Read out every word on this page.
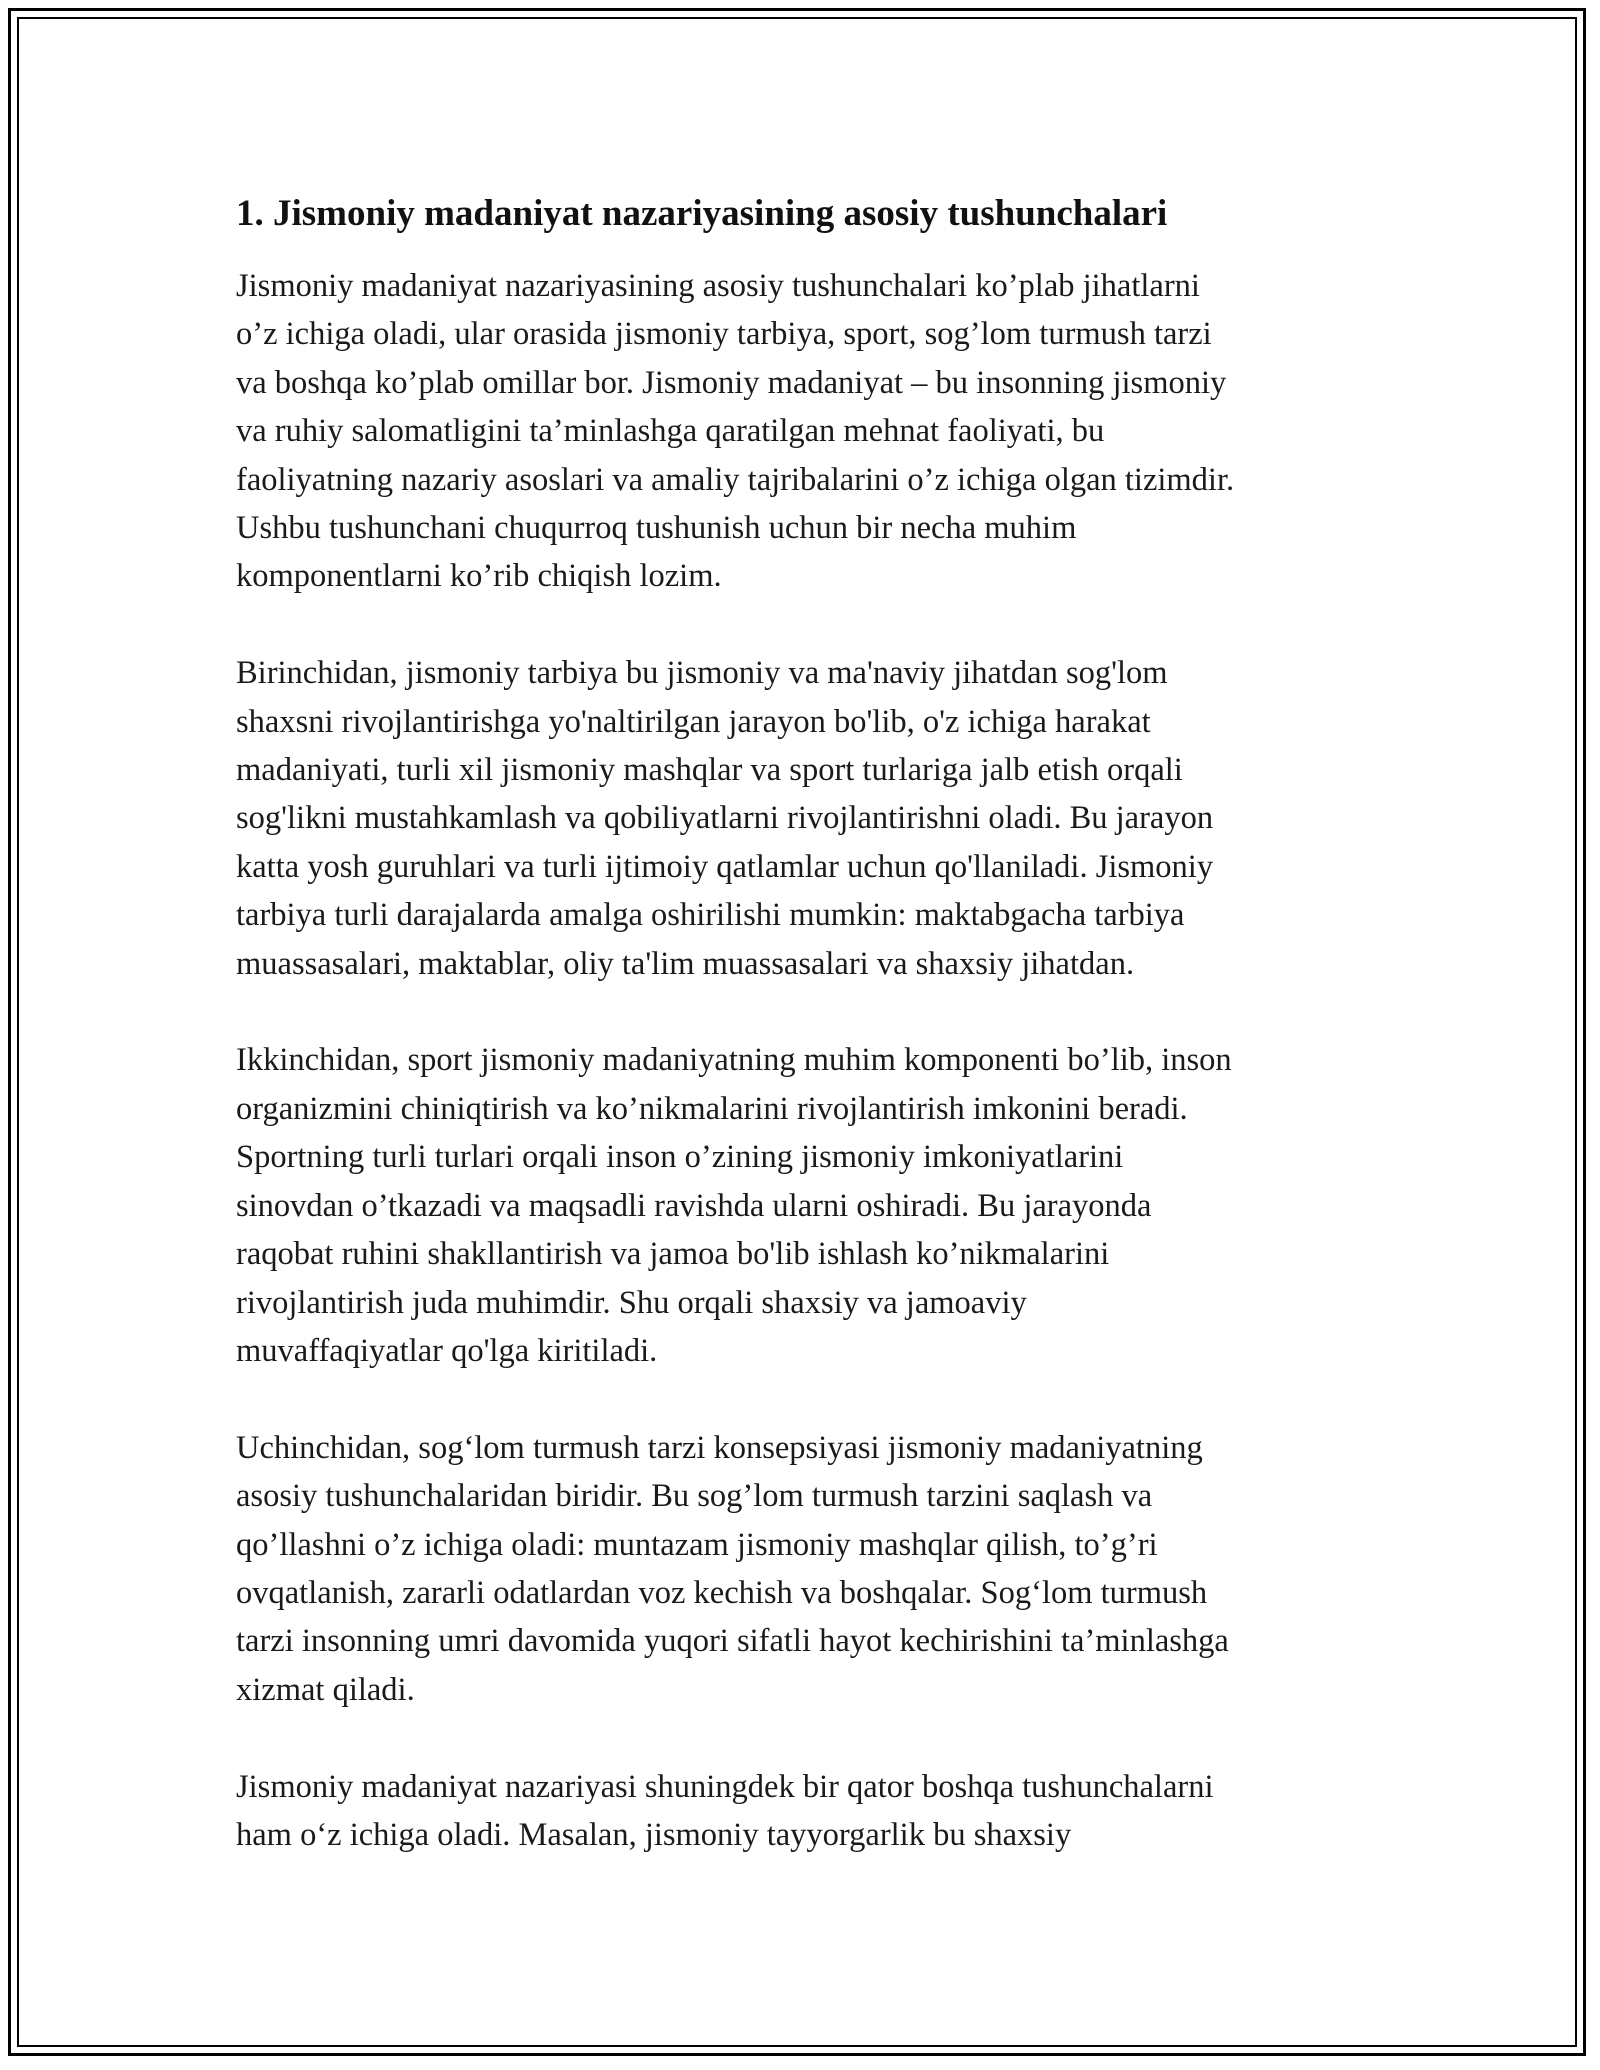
1. Jismoniy madaniyat nazariyasining asosiy tushunchalari

Jismoniy madaniyat nazariyasining asosiy tushunchalari ko’plab jihatlarni
o’z ichiga oladi, ular orasida jismoniy tarbiya, sport, sog’lom turmush tarzi
va boshqa ko’plab omillar bor. Jismoniy madaniyat – bu insonning jismoniy
va ruhiy salomatligini ta’minlashga qaratilgan mehnat faoliyati, bu
faoliyatning nazariy asoslari va amaliy tajribalarini o’z ichiga olgan tizimdir.
Ushbu tushunchani chuqurroq tushunish uchun bir necha muhim
komponentlarni ko’rib chiqish lozim.

Birinchidan, jismoniy tarbiya bu jismoniy va ma'naviy jihatdan sog'lom
shaxsni rivojlantirishga yo'naltirilgan jarayon bo'lib, o'z ichiga harakat
madaniyati, turli xil jismoniy mashqlar va sport turlariga jalb etish orqali
sog'likni mustahkamlash va qobiliyatlarni rivojlantirishni oladi. Bu jarayon
katta yosh guruhlari va turli ijtimoiy qatlamlar uchun qo'llaniladi. Jismoniy
tarbiya turli darajalarda amalga oshirilishi mumkin: maktabgacha tarbiya
muassasalari, maktablar, oliy ta'lim muassasalari va shaxsiy jihatdan.

Ikkinchidan, sport jismoniy madaniyatning muhim komponenti bo’lib, inson
organizmini chiniqtirish va ko’nikmalarini rivojlantirish imkonini beradi.
Sportning turli turlari orqali inson o’zining jismoniy imkoniyatlarini
sinovdan o’tkazadi va maqsadli ravishda ularni oshiradi. Bu jarayonda
raqobat ruhini shakllantirish va jamoa bo'lib ishlash ko’nikmalarini
rivojlantirish juda muhimdir. Shu orqali shaxsiy va jamoaviy
muvaffaqiyatlar qo'lga kiritiladi.

Uchinchidan, sog‘lom turmush tarzi konsepsiyasi jismoniy madaniyatning
asosiy tushunchalaridan biridir. Bu sog’lom turmush tarzini saqlash va
qo’llashni o’z ichiga oladi: muntazam jismoniy mashqlar qilish, to’g’ri
ovqatlanish, zararli odatlardan voz kechish va boshqalar. Sog‘lom turmush
tarzi insonning umri davomida yuqori sifatli hayot kechirishini ta’minlashga
xizmat qiladi.

Jismoniy madaniyat nazariyasi shuningdek bir qator boshqa tushunchalarni
ham o‘z ichiga oladi. Masalan, jismoniy tayyorgarlik bu shaxsiy
